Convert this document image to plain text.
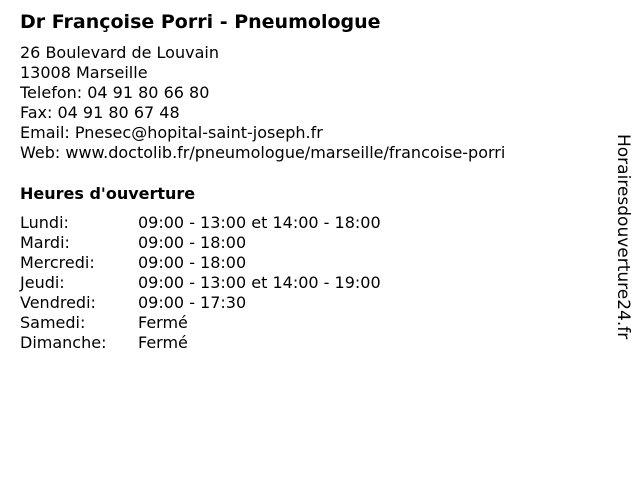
Dr Françoise Porri - Pneumologue
26 Boulevard de Louvain
13008 Marseille
Telefon: 04 91 80 66 80
Fax: 04 91 80 67 48
Email: Pnesec@hopital-saint-joseph.fr
Web: www.doctolib.fr/pneumologue/marseille/francoise-porri
Heures d'ouverture
Lundi:	09:00 - 13:00 et 14:00 - 18:00
Mardi:	09:00 - 18:00
Mercredi:	09:00 - 18:00
Jeudi:	09:00 - 13:00 et 14:00 - 19:00
Vendredi:	09:00 - 17:30
Samedi:	Fermé
Dimanche:	Fermé
Horairesdouverture24.fr
